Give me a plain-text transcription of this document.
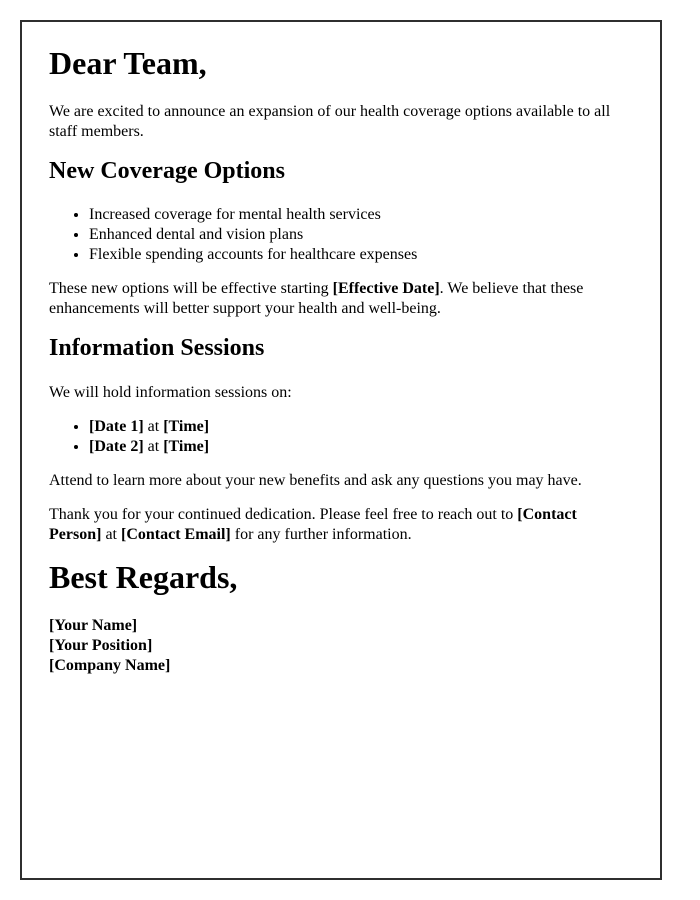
Dear Team,

We are excited to announce an expansion of our health coverage options available to all staff members.

New Coverage Options
• Increased coverage for mental health services
• Enhanced dental and vision plans
• Flexible spending accounts for healthcare expenses

These new options will be effective starting [Effective Date]. We believe that these enhancements will better support your health and well-being.

Information Sessions

We will hold information sessions on:

• [Date 1] at [Time]
• [Date 2] at [Time]

Attend to learn more about your new benefits and ask any questions you may have.

Thank you for your continued dedication. Please feel free to reach out to [Contact Person] at [Contact Email] for any further information.

Best Regards,

[Your Name]
[Your Position]
[Company Name]
